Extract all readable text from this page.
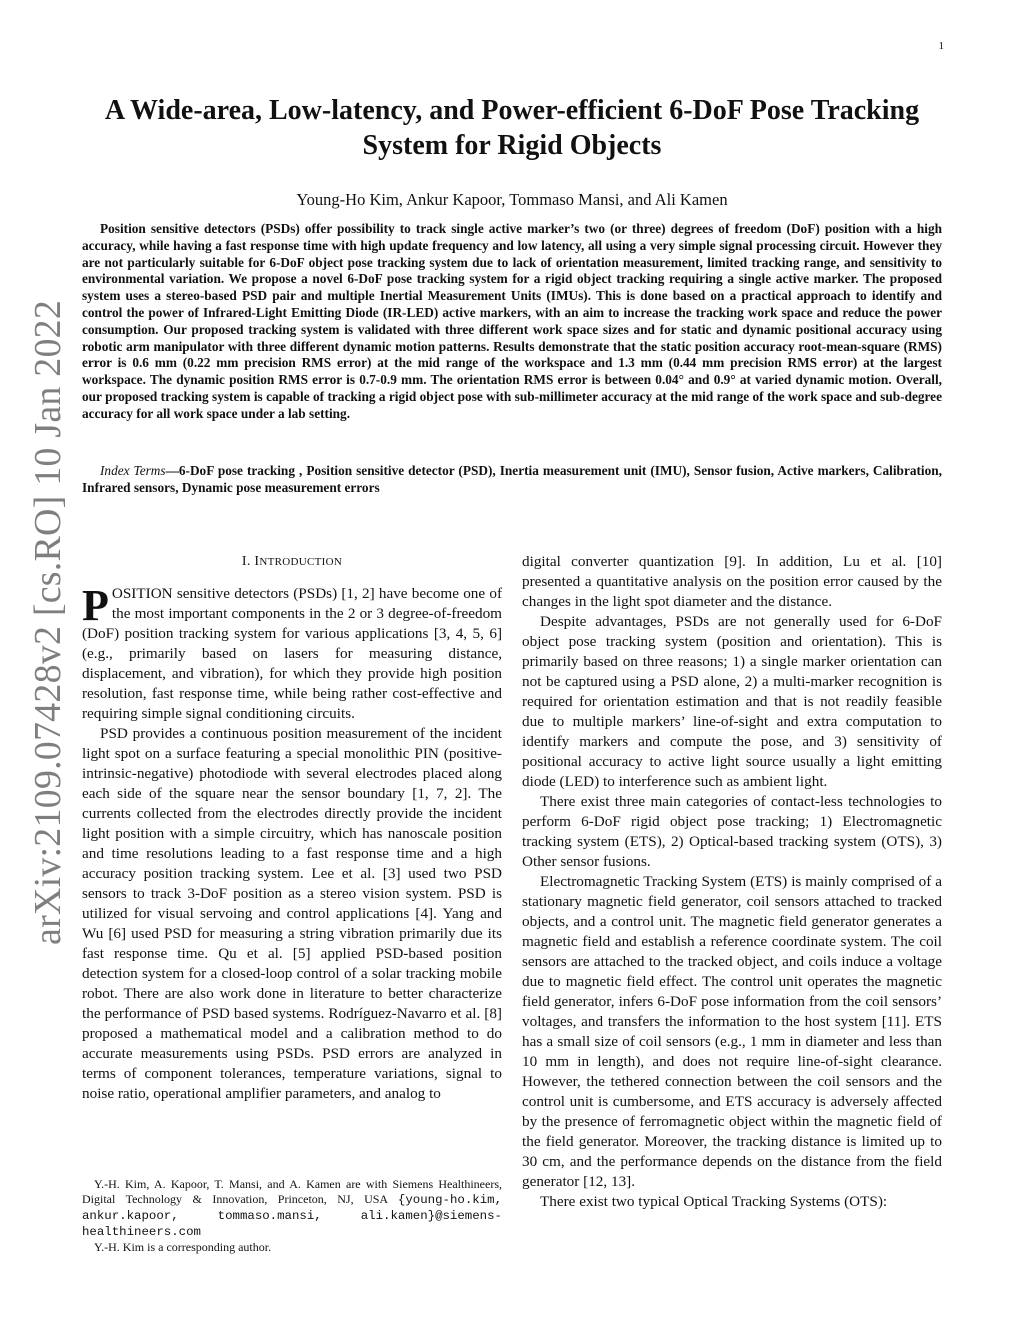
1
arXiv:2109.07428v2 [cs.RO] 10 Jan 2022
A Wide-area, Low-latency, and Power-efficient 6-DoF Pose Tracking System for Rigid Objects
Young-Ho Kim, Ankur Kapoor, Tommaso Mansi, and Ali Kamen

Position sensitive detectors (PSDs) offer possibility to track single active marker’s two (or three) degrees of freedom (DoF) position with a high accuracy, while having a fast response time with high update frequency and low latency, all using a very simple signal processing circuit. However they are not particularly suitable for 6-DoF object pose tracking system due to lack of orientation measurement, limited tracking range, and sensitivity to environmental variation. We propose a novel 6-DoF pose tracking system for a rigid object tracking requiring a single active marker. The proposed system uses a stereo-based PSD pair and multiple Inertial Measurement Units (IMUs). This is done based on a practical approach to identify and control the power of Infrared-Light Emitting Diode (IR-LED) active markers, with an aim to increase the tracking work space and reduce the power consumption. Our proposed tracking system is validated with three different work space sizes and for static and dynamic positional accuracy using robotic arm manipulator with three different dynamic motion patterns. Results demonstrate that the static position accuracy root-mean-square (RMS) error is 0.6 mm (0.22 mm precision RMS error) at the mid range of the workspace and 1.3 mm (0.44 mm precision RMS error) at the largest workspace. The dynamic position RMS error is 0.7-0.9 mm. The orientation RMS error is between 0.04° and 0.9° at varied dynamic motion. Overall, our proposed tracking system is capable of tracking a rigid object pose with sub-millimeter accuracy at the mid range of the work space and sub-degree accuracy for all work space under a lab setting.

Index Terms—6-DoF pose tracking , Position sensitive detector (PSD), Inertia measurement unit (IMU), Sensor fusion, Active markers, Calibration, Infrared sensors, Dynamic pose measurement errors

I. INTRODUCTION

POSITION sensitive detectors (PSDs) [1, 2] have become one of the most important components in the 2 or 3 degree-of-freedom (DoF) position tracking system for various applications [3, 4, 5, 6] (e.g., primarily based on lasers for measuring distance, displacement, and vibration), for which they provide high position resolution, fast response time, while being rather cost-effective and requiring simple signal conditioning circuits.

PSD provides a continuous position measurement of the incident light spot on a surface featuring a special monolithic PIN (positive-intrinsic-negative) photodiode with several electrodes placed along each side of the square near the sensor boundary [1, 7, 2]. The currents collected from the electrodes directly provide the incident light position with a simple circuitry, which has nanoscale position and time resolutions leading to a fast response time and a high accuracy position tracking system. Lee et al. [3] used two PSD sensors to track 3-DoF position as a stereo vision system. PSD is utilized for visual servoing and control applications [4]. Yang and Wu [6] used PSD for measuring a string vibration primarily due its fast response time. Qu et al. [5] applied PSD-based position detection system for a closed-loop control of a solar tracking mobile robot. There are also work done in literature to better characterize the performance of PSD based systems. Rodríguez-Navarro et al. [8] proposed a mathematical model and a calibration method to do accurate measurements using PSDs. PSD errors are analyzed in terms of component tolerances, temperature variations, signal to noise ratio, operational amplifier parameters, and analog to

Y.-H. Kim, A. Kapoor, T. Mansi, and A. Kamen are with Siemens Healthineers, Digital Technology & Innovation, Princeton, NJ, USA {young-ho.kim, ankur.kapoor, tommaso.mansi, ali.kamen}@siemens-healthineers.com

Y.-H. Kim is a corresponding author.

digital converter quantization [9]. In addition, Lu et al. [10] presented a quantitative analysis on the position error caused by the changes in the light spot diameter and the distance.

Despite advantages, PSDs are not generally used for 6-DoF object pose tracking system (position and orientation). This is primarily based on three reasons; 1) a single marker orientation can not be captured using a PSD alone, 2) a multi-marker recognition is required for orientation estimation and that is not readily feasible due to multiple markers’ line-of-sight and extra computation to identify markers and compute the pose, and 3) sensitivity of positional accuracy to active light source usually a light emitting diode (LED) to interference such as ambient light.

There exist three main categories of contact-less technologies to perform 6-DoF rigid object pose tracking; 1) Electromagnetic tracking system (ETS), 2) Optical-based tracking system (OTS), 3) Other sensor fusions.

Electromagnetic Tracking System (ETS) is mainly comprised of a stationary magnetic field generator, coil sensors attached to tracked objects, and a control unit. The magnetic field generator generates a magnetic field and establish a reference coordinate system. The coil sensors are attached to the tracked object, and coils induce a voltage due to magnetic field effect. The control unit operates the magnetic field generator, infers 6-DoF pose information from the coil sensors’ voltages, and transfers the information to the host system [11]. ETS has a small size of coil sensors (e.g., 1 mm in diameter and less than 10 mm in length), and does not require line-of-sight clearance. However, the tethered connection between the coil sensors and the control unit is cumbersome, and ETS accuracy is adversely affected by the presence of ferromagnetic object within the magnetic field of the field generator. Moreover, the tracking distance is limited up to 30 cm, and the performance depends on the distance from the field generator [12, 13].

There exist two typical Optical Tracking Systems (OTS):
